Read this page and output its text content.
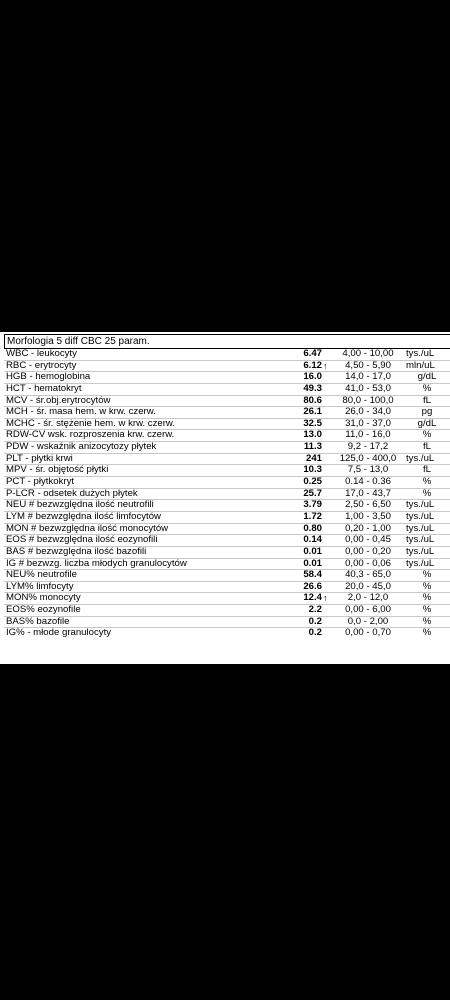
Morfologia 5 diff CBC 25 param.
WBC - leukocyty	6.47	4,00 - 10,00	tys./uL
RBC - erytrocyty	6.12 ↑	4,50 - 5,90	mln/uL
HGB - hemoglobina	16.0	14,0 - 17,0	g/dL
HCT - hematokryt	49.3	41,0 - 53,0	%
MCV - śr.obj.erytrocytów	80.6	80,0 - 100,0	fL
MCH - śr. masa hem. w krw. czerw.	26.1	26,0 - 34,0	pg
MCHC - śr. stężenie hem. w krw. czerw.	32.5	31,0 - 37,0	g/dL
RDW-CV wsk. rozproszenia krw. czerw.	13.0	11,0 - 16,0	%
PDW - wskaźnik anizocytozy płytek	11.3	9,2 - 17,2	fL
PLT - płytki krwi	241	125,0 - 400,0	tys./uL
MPV - śr. objętość płytki	10.3	7,5 - 13,0	fL
PCT - płytkokryt	0.25	0.14 - 0.36	%
P-LCR - odsetek dużych płytek	25.7	17,0 - 43,7	%
NEU # bezwzględna ilość neutrofili	3.79	2,50 - 6,50	tys./uL
LYM # bezwzględna ilość limfocytów	1.72	1,00 - 3,50	tys./uL
MON # bezwzględna ilość monocytów	0.80	0,20 - 1,00	tys./uL
EOS # bezwzględna ilość eozynofili	0.14	0,00 - 0,45	tys./uL
BAS # bezwzględna ilość bazofili	0.01	0,00 - 0,20	tys./uL
IG # bezwzg. liczba młodych granulocytów	0.01	0,00 - 0,06	tys./uL
NEU% neutrofile	58.4	40,3 - 65,0	%
LYM% limfocyty	26.6	20,0 - 45,0	%
MON% monocyty	12.4 ↑	2,0 - 12,0	%
EOS% eozynofile	2.2	0,00 - 6,00	%
BAS% bazofile	0.2	0,0 - 2,00	%
IG% - młode granulocyty	0.2	0,00 - 0,70	%
